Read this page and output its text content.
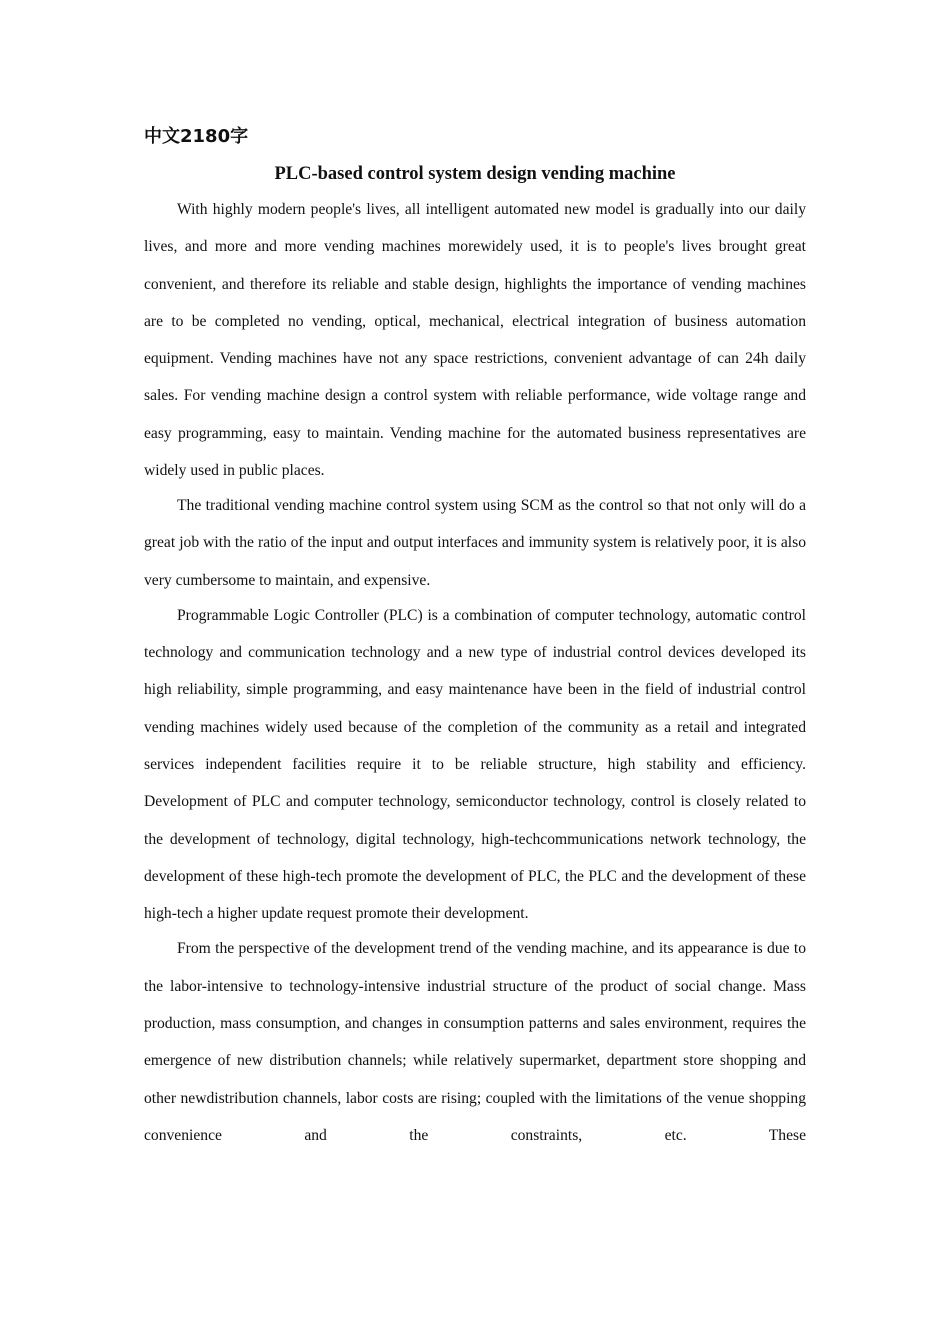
中文2180字
PLC-based control system design vending machine

With highly modern people's lives, all intelligent automated new model is gradually into our daily lives, and more and more vending machines morewidely used, it is to people's lives brought great convenient, and therefore its reliable and stable design, highlights the importance of vending machines are to be completed no vending, optical, mechanical, electrical integration of business automation equipment. Vending machines have not any space restrictions, convenient advantage of can 24h daily sales. For vending machine design a control system with reliable performance, wide voltage range and easy programming, easy to maintain. Vending machine for the automated business representatives are widely used in public places.

The traditional vending machine control system using SCM as the control so that not only will do a great job with the ratio of the input and output interfaces and immunity system is relatively poor, it is also very cumbersome to maintain, and expensive.

Programmable Logic Controller (PLC) is a combination of computer technology, automatic control technology and communication technology and a new type of industrial control devices developed its high reliability, simple programming, and easy maintenance have been in the field of industrial control vending machines widely used because of the completion of the community as a retail and integrated services independent facilities require it to be reliable structure, high stability and efficiency. Development of PLC and computer technology, semiconductor technology, control is closely related to the development of technology, digital technology, high-techcommunications network technology, the development of these high-tech promote the development of PLC, the PLC and the development of these high-tech a higher update request promote their development.

From the perspective of the development trend of the vending machine, and its appearance is due to the labor-intensive to technology-intensive industrial structure of the product of social change. Mass production, mass consumption, and changes in consumption patterns and sales environment, requires the emergence of new distribution channels; while relatively supermarket, department store shopping and other newdistribution channels, labor costs are rising; coupled with the limitations of the venue shopping convenience and the constraints, etc. These
